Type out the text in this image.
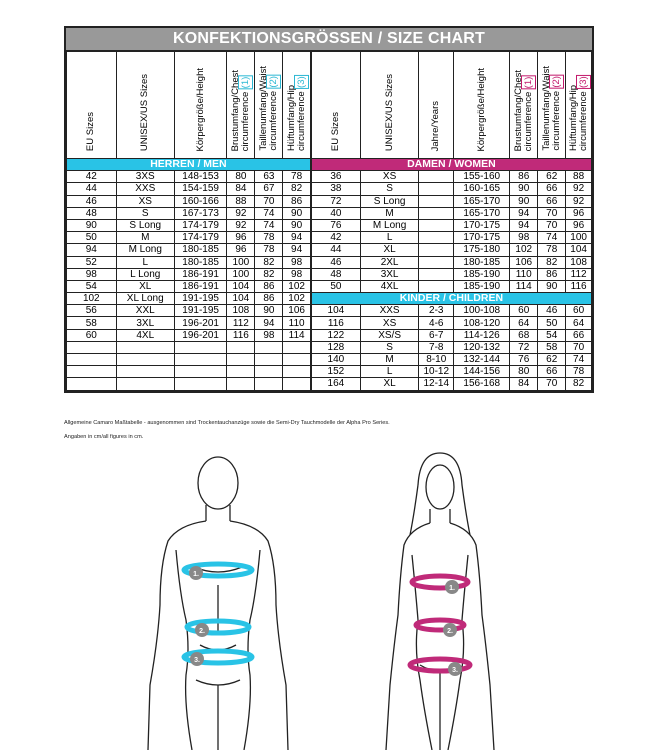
KONFEKTIONSGRÖSSEN / SIZE CHART
EU Sizes	UNISEX/US Sizes	Körpergröße/Height	Brustumfang/Chest
circumference (1)	Taillenumfang/Waist
circumference (2)	Hüftumfang/Hip
circumference (3)	EU Sizes	UNISEX/US Sizes	Jahre/Years	Körpergröße/Height	Brustumfang/Chest
circumference (1)	Taillenumfang/Waist
circumference (2)	Hüftumfang/Hip
circumference (3)
HERREN / MEN						DAMEN / WOMEN						
42	3XS	148-153	80	63	78	36	XS		155-160	86	62	88
44	XXS	154-159	84	67	82	38	S		160-165	90	66	92
46	XS	160-166	88	70	86	72	S Long		165-170	90	66	92
48	S	167-173	92	74	90	40	M		165-170	94	70	96
90	S Long	174-179	92	74	90	76	M Long		170-175	94	70	96
50	M	174-179	96	78	94	42	L		170-175	98	74	100
94	M Long	180-185	96	78	94	44	XL		175-180	102	78	104
52	L	180-185	100	82	98	46	2XL		180-185	106	82	108
98	L Long	186-191	100	82	98	48	3XL		185-190	110	86	112
54	XL	186-191	104	86	102	50	4XL		185-190	114	90	116
102	XL Long	191-195	104	86	102	KINDER / CHILDREN						
56	XXL	191-195	108	90	106	104	XXS	2-3	100-108	60	46	60
58	3XL	196-201	112	94	110	116	XS	4-6	108-120	64	50	64
60	4XL	196-201	116	98	114	122	XS/S	6-7	114-126	68	54	66
						128	S	7-8	120-132	72	58	70
						140	M	8-10	132-144	76	62	74
						152	L	10-12	144-156	80	66	78
						164	XL	12-14	156-168	84	70	82
Allgemeine Camaro Maßtabelle - ausgenommen sind Trockentauchanzüge sowie die Semi-Dry Tauchmodelle der Alpha Pro Series.
Angaben in cm/all figures in cm.
1.
2.
3.
1.
2.
3.
